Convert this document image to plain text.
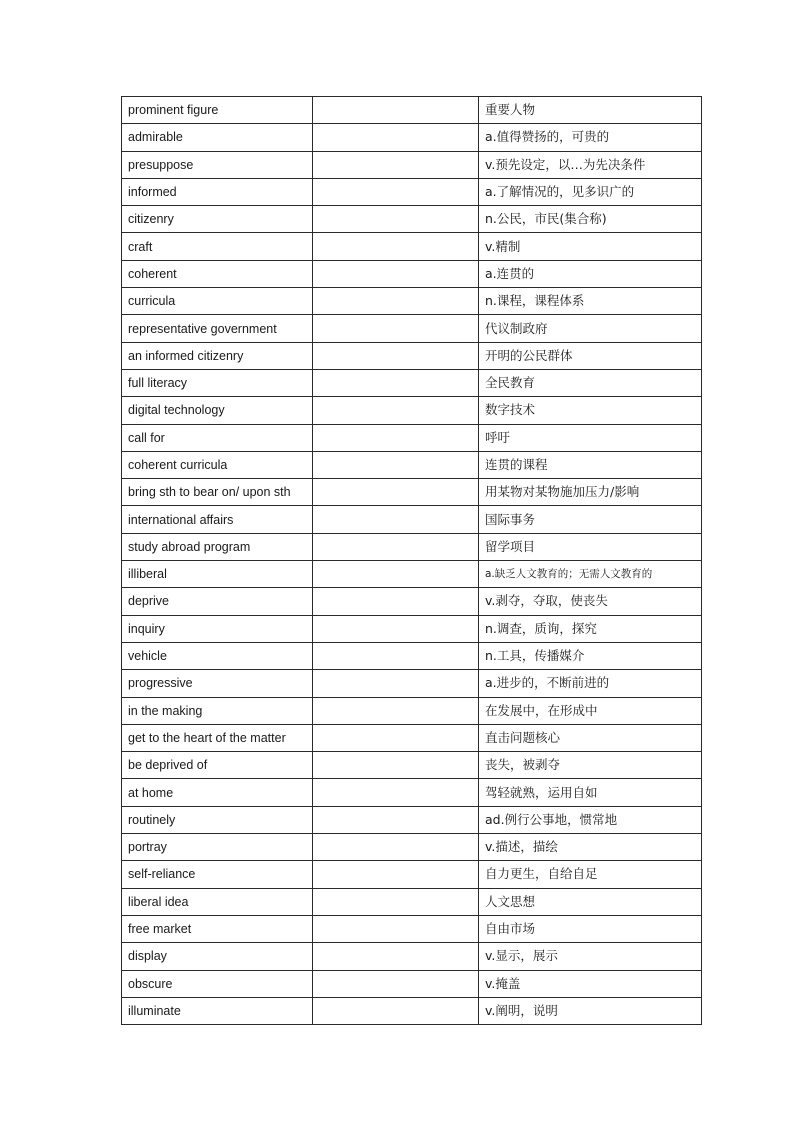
prominent figure		重要人物
admirable		a.值得赞扬的，可贵的
presuppose		v.预先设定，以…为先决条件
informed		a.了解情况的，见多识广的
citizenry		n.公民，市民(集合称)
craft		v.精制
coherent		a.连贯的
curricula		n.课程，课程体系
representative government		代议制政府
an informed citizenry		开明的公民群体
full literacy		全民教育
digital technology		数字技术
call for		呼吁
coherent curricula		连贯的课程
bring sth to bear on/ upon sth		用某物对某物施加压力/影响
international affairs		国际事务
study abroad program		留学项目
illiberal		a.缺乏人文教育的；无需人文教育的
deprive		v.剥夺，夺取，使丧失
inquiry		n.调查，质询，探究
vehicle		n.工具，传播媒介
progressive		a.进步的，不断前进的
in the making		在发展中，在形成中
get to the heart of the matter		直击问题核心
be deprived of		丧失，被剥夺
at home		驾轻就熟，运用自如
routinely		ad.例行公事地，惯常地
portray		v.描述，描绘
self-reliance		自力更生，自给自足
liberal idea		人文思想
free market		自由市场
display		v.显示，展示
obscure		v.掩盖
illuminate		v.阐明，说明
